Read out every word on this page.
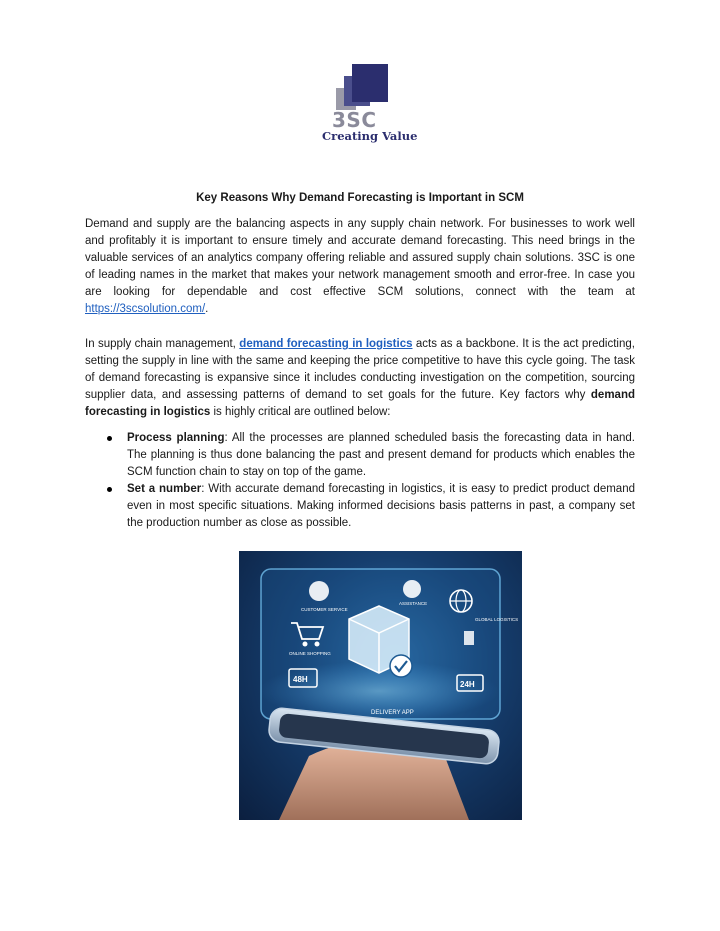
3SC
Creating Value
Key Reasons Why Demand Forecasting is Important in SCM

Demand and supply are the balancing aspects in any supply chain network. For businesses to work well and profitably it is important to ensure timely and accurate demand forecasting. This need brings in the valuable services of an analytics company offering reliable and assured supply chain solutions. 3SC is one of leading names in the market that makes your network management smooth and error-free. In case you are looking for dependable and cost effective SCM solutions, connect with the team at https://3scsolution.com/.

In supply chain management, demand forecasting in logistics acts as a backbone. It is the act predicting, setting the supply in line with the same and keeping the price competitive to have this cycle going. The task of demand forecasting is expansive since it includes conducting investigation on the competition, sourcing supplier data, and assessing patterns of demand to set goals for the future. Key factors why demand forecasting in logistics is highly critical are outlined below:

Process planning: All the processes are planned scheduled basis the forecasting data in hand. The planning is thus done balancing the past and present demand for products which enables the SCM function chain to stay on top of the game.
Set a number: With accurate demand forecasting in logistics, it is easy to predict product demand even in most specific situations. Making informed decisions basis patterns in past, a company set the production number as close as possible.
48H
24H
CUSTOMER SERVICE
ASSISTANCE
ONLINE SHOPPING
DELIVERY APP
GLOBAL LOGISTICS
